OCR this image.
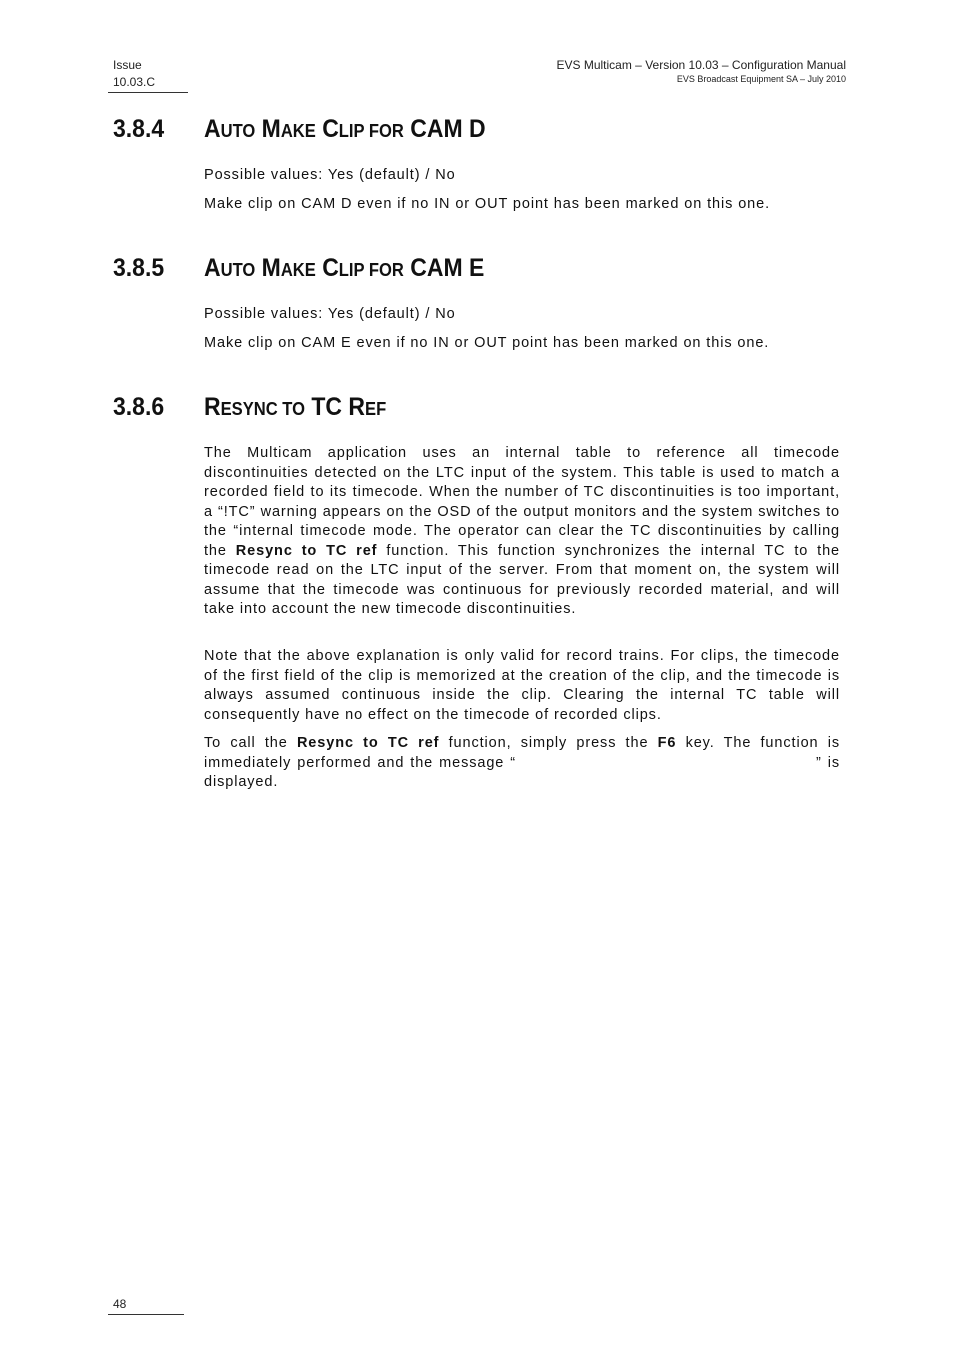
Issue
10.03.C
EVS Multicam – Version 10.03 – Configuration Manual
EVS Broadcast Equipment SA – July 2010
3.8.4 AUTO MAKE CLIP FOR CAM D

Possible values: Yes (default) / No

Make clip on CAM D even if no IN or OUT point has been marked on this one.

3.8.5 AUTO MAKE CLIP FOR CAM E

Possible values: Yes (default) / No

Make clip on CAM E even if no IN or OUT point has been marked on this one.

3.8.6 RESYNC TO TC REF

The Multicam application uses an internal table to reference all timecode discontinuities detected on the LTC input of the system. This table is used to match a recorded field to its timecode. When the number of TC discontinuities is too important, a “!TC” warning appears on the OSD of the output monitors and the system switches to the “internal timecode mode. The operator can clear the TC discontinuities by calling the Resync to TC ref function. This function synchronizes the internal TC to the timecode read on the LTC input of the server. From that moment on, the system will assume that the timecode was continuous for previously recorded material, and will take into account the new timecode discontinuities.

Note that the above explanation is only valid for record trains. For clips, the timecode of the first field of the clip is memorized at the creation of the clip, and the timecode is always assumed continuous inside the clip. Clearing the internal TC table will consequently have no effect on the timecode of recorded clips.

To call the Resync to TC ref function, simply press the F6 key. The function is immediately performed and the message “	” is displayed.

48
